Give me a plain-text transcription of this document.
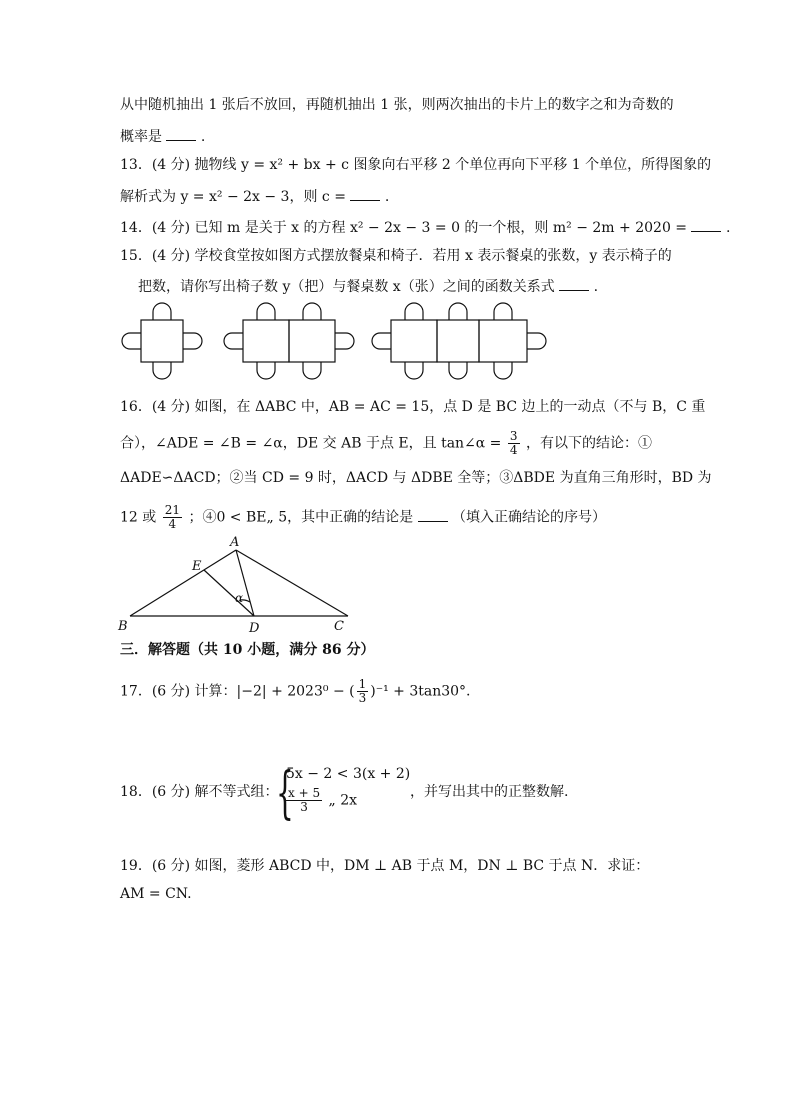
从中随机抽出 1 张后不放回，再随机抽出 1 张，则两次抽出的卡片上的数字之和为奇数的
概率是	.
13．(4 分) 抛物线 y = x² + bx + c 图象向右平移 2 个单位再向下平移 1 个单位，所得图象的
解析式为 y = x² − 2x − 3，则 c =	.
14．(4 分) 已知 m 是关于 x 的方程 x² − 2x − 3 = 0 的一个根，则 m² − 2m + 2020 =	.
15．(4 分) 学校食堂按如图方式摆放餐桌和椅子．若用 x 表示餐桌的张数，y 表示椅子的
把数，请你写出椅子数 y（把）与餐桌数 x（张）之间的函数关系式	.
16．(4 分) 如图，在 ΔABC 中，AB = AC = 15，点 D 是 BC 边上的一动点（不与 B，C 重
合），∠ADE = ∠B = ∠α，DE 交 AB 于点 E，且 tan∠α = $\frac{3}{4}$ ，有以下的结论：①
ΔADE∽ΔACD；②当 CD = 9 时，ΔACD 与 ΔDBE 全等；③ΔBDE 为直角三角形时，BD 为
12 或 $\frac{21}{4}$ ；④0 < BE„ 5，其中正确的结论是	（填入正确结论的序号）
A
B	C
D
E
α
三．解答题（共 10 小题，满分 86 分）
17．(6 分) 计算：|−2| + 2023⁰ − ( $\frac{1}{3} )^{-1} + 3\tan 30^\circ$.
18．(6 分) 解不等式组：
{
5x − 2 < 3(x + 2)
$\frac{x + 5}{3}$ „ 2x
，并写出其中的正整数解.
19．(6 分) 如图，菱形 ABCD 中，DM ⊥ AB 于点 M，DN ⊥ BC 于点 N．求证：
AM = CN.
